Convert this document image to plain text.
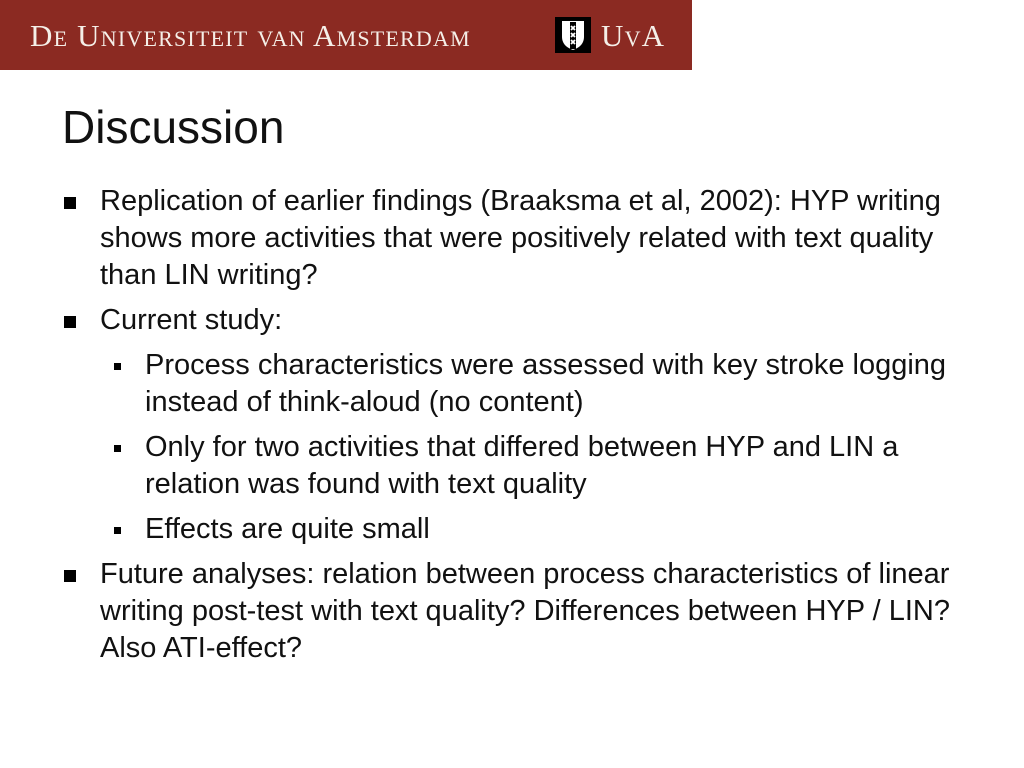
De Universiteit van Amsterdam	UvA
Discussion
Replication of earlier findings (Braaksma et al, 2002): HYP writing shows more activities that were positively related with text quality than LIN writing?
Current study:
Process characteristics were assessed with key stroke logging instead of think-aloud (no content)
Only for two activities that differed between HYP and LIN a relation was found with text quality
Effects are quite small
Future analyses: relation between process characteristics of linear writing post-test with text quality? Differences between HYP / LIN? Also ATI-effect?
